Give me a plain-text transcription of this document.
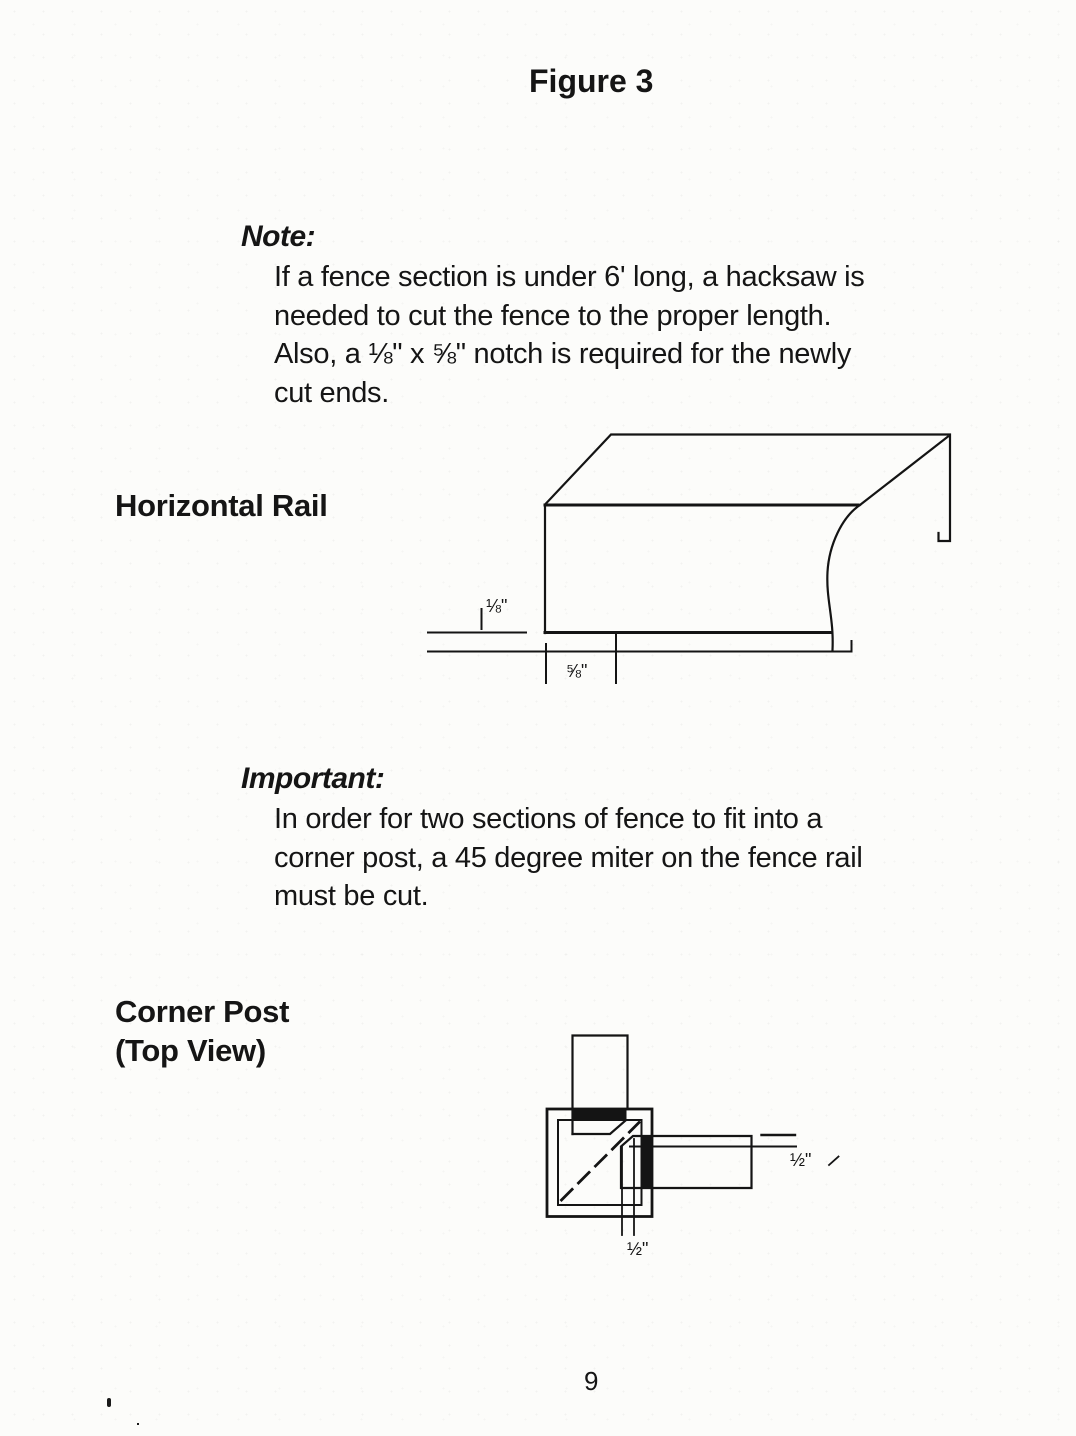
Figure 3
Note:
If a fence section is under 6' long, a hacksaw is
needed to cut the fence to the proper length.
Also, a ⅛" x ⅝" notch is required for the newly
cut ends.
Horizontal Rail
⅛"
⅝"
Important:
In order for two sections of fence to fit into a
corner post, a 45 degree miter on the fence rail
must be cut.
Corner Post
(Top View)
½"
½"
9
